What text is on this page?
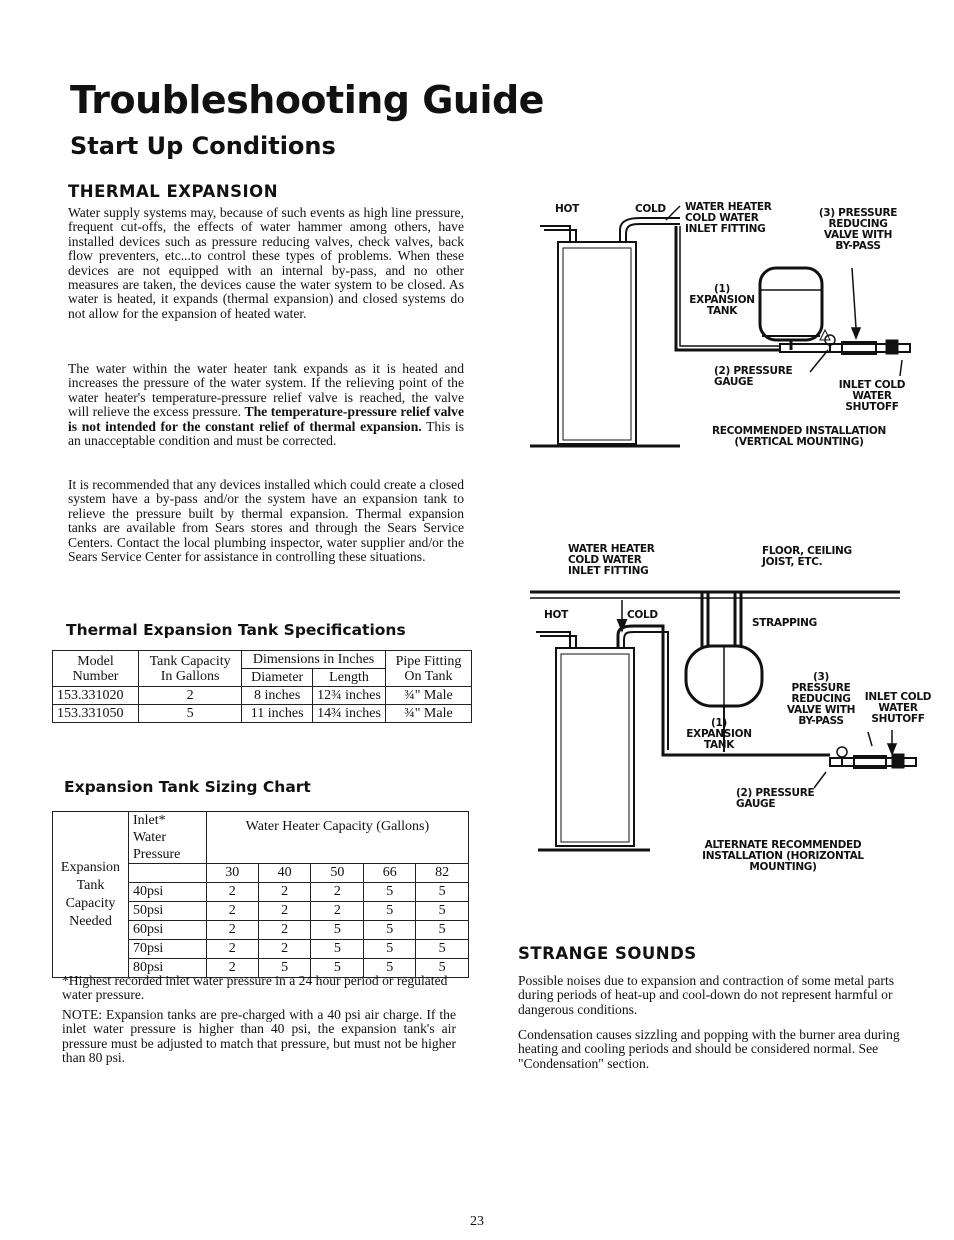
Troubleshooting Guide
Start Up Conditions
THERMAL EXPANSION

Water supply systems may, because of such events as high line pressure, frequent cut-offs, the effects of water hammer among others, have installed devices such as pressure reducing valves, check valves, back flow preventers, etc...to control these types of problems. When these devices are not equipped with an internal by-pass, and no other measures are taken, the devices cause the water system to be closed. As water is heated, it expands (thermal expansion) and closed systems do not allow for the expansion of heated water.

The water within the water heater tank expands as it is heated and increases the pressure of the water system. If the relieving point of the water heater's temperature-pressure relief valve is reached, the valve will relieve the excess pressure. The temperature-pressure relief valve is not intended for the constant relief of thermal expansion. This is an unacceptable condition and must be corrected.

It is recommended that any devices installed which could create a closed system have a by-pass and/or the system have an expansion tank to relieve the pressure built by thermal expansion. Thermal expansion tanks are available from Sears stores and through the Sears Service Centers. Contact the local plumbing inspector, water supplier and/or the Sears Service Center for assistance in controlling these situations.

Thermal Expansion Tank Specifications
Model Number	Tank Capacity In Gallons	Dimensions in Inches		Pipe Fitting On Tank
		Diameter	Length	
153.331020	2	8 inches	12¾ inches	¾" Male
153.331050	5	11 inches	14¾ inches	¾" Male
Expansion Tank Sizing Chart
Expansion Tank Capacity Needed	Inlet* Water Pressure	Water Heater Capacity (Gallons)				
		30	40	50	66	82
	40psi	2	2	2	5	5
	50psi	2	2	2	5	5
	60psi	2	2	5	5	5
	70psi	2	2	5	5	5
	80psi	2	5	5	5	5

*Highest recorded inlet water pressure in a 24 hour period or regulated water pressure.

NOTE: Expansion tanks are pre-charged with a 40 psi air charge. If the inlet water pressure is higher than 40 psi, the expansion tank's air pressure must be adjusted to match that pressure, but must not be higher than 80 psi.

HOT	COLD WATER HEATER COLD WATER INLET FITTING
(3) PRESSURE REDUCING VALVE WITH BY-PASS
(1) EXPANSION TANK
(2) PRESSURE GAUGE	INLET COLD WATER SHUTOFF
RECOMMENDED INSTALLATION (VERTICAL MOUNTING)
WATER HEATER COLD WATER INLET FITTING
FLOOR, CEILING JOIST, ETC.
HOT	COLD
STRAPPING
(3) PRESSURE REDUCING VALVE WITH BY-PASS
INLET COLD WATER SHUTOFF
(1) EXPANSION TANK
(2) PRESSURE GAUGE
ALTERNATE RECOMMENDED INSTALLATION (HORIZONTAL MOUNTING)
STRANGE SOUNDS

Possible noises due to expansion and contraction of some metal parts during periods of heat-up and cool-down do not represent harmful or dangerous conditions.

Condensation causes sizzling and popping with the burner area during heating and cooling periods and should be considered normal. See "Condensation" section.

23
